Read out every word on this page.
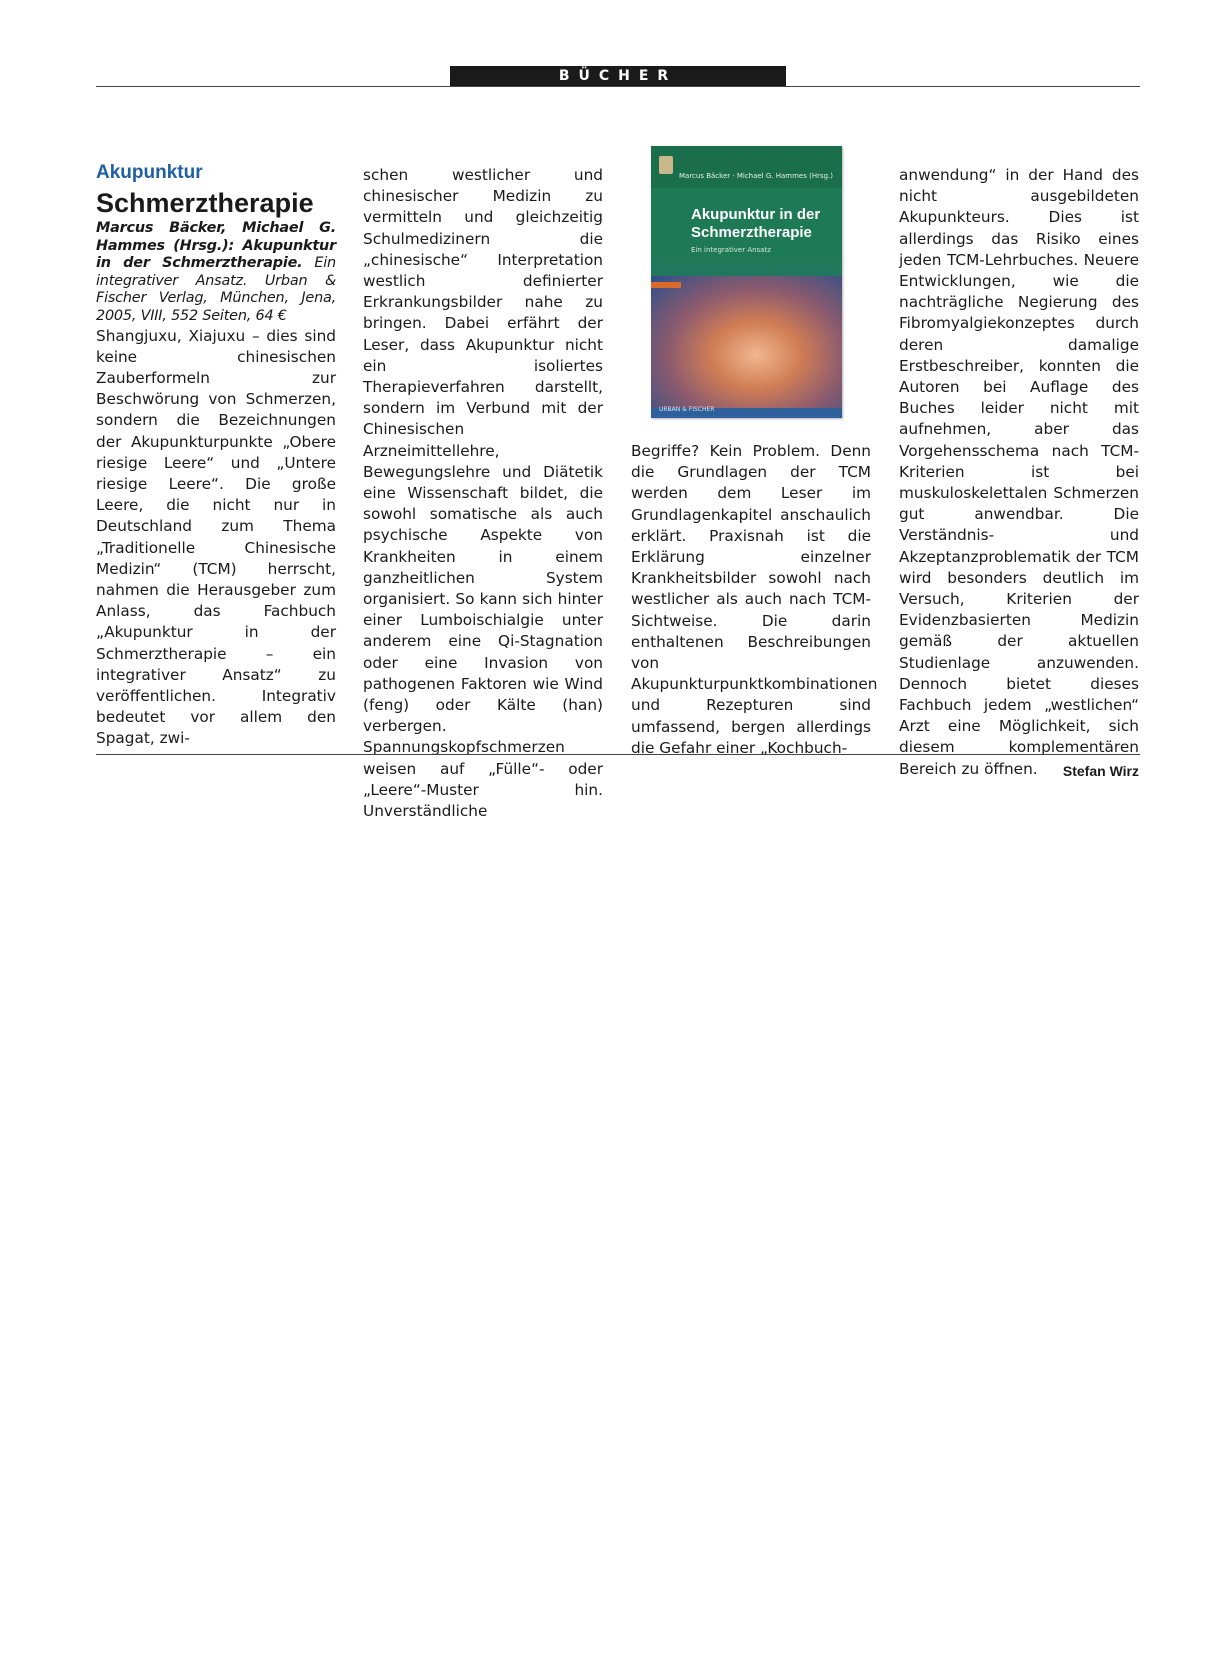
BÜCHER

Akupunktur

Schmerztherapie

Marcus Bäcker, Michael G. Hammes (Hrsg.): Akupunktur in der Schmerztherapie. Ein integrativer Ansatz. Urban & Fischer Verlag, München, Jena, 2005, VIII, 552 Seiten, 64 €

Shangjuxu, Xiajuxu – dies sind keine chinesischen Zauberformeln zur Beschwörung von Schmerzen, sondern die Bezeichnungen der Akupunkturpunkte „Obere riesige Leere“ und „Untere riesige Leere“. Die große Leere, die nicht nur in Deutschland zum Thema „Traditionelle Chinesische Medizin“ (TCM) herrscht, nahmen die Herausgeber zum Anlass, das Fachbuch „Akupunktur in der Schmerztherapie – ein integrativer Ansatz“ zu veröffentlichen. Integrativ bedeutet vor allem den Spagat, zwi-

schen westlicher und chinesischer Medizin zu vermitteln und gleichzeitig Schulmedizinern die „chinesische“ Interpretation westlich definierter Erkrankungsbilder nahe zu bringen. Dabei erfährt der Leser, dass Akupunktur nicht ein isoliertes Therapieverfahren darstellt, sondern im Verbund mit der Chinesischen Arzneimittellehre, Bewegungslehre und Diätetik eine Wissenschaft bildet, die sowohl somatische als auch psychische Aspekte von Krankheiten in einem ganzheitlichen System organisiert. So kann sich hinter einer Lumboischialgie unter anderem eine Qi-Stagnation oder eine Invasion von pathogenen Faktoren wie Wind (feng) oder Kälte (han) verbergen. Spannungskopfschmerzen weisen auf „Fülle“- oder „Leere“-Muster hin. Unverständliche

Marcus Bäcker · Michael G. Hammes (Hrsg.)
Akupunktur in der
Schmerztherapie
Ein integrativer Ansatz
URBAN & FISCHER

Begriffe? Kein Problem. Denn die Grundlagen der TCM werden dem Leser im Grundlagenkapitel anschaulich erklärt. Praxisnah ist die Erklärung einzelner Krankheitsbilder sowohl nach westlicher als auch nach TCM-Sichtweise. Die darin enthaltenen Beschreibungen von Akupunkturpunktkombinationen und Rezepturen sind umfassend, bergen allerdings die Gefahr einer „Kochbuch-

anwendung“ in der Hand des nicht ausgebildeten Akupunkteurs. Dies ist allerdings das Risiko eines jeden TCM-Lehrbuches. Neuere Entwicklungen, wie die nachträgliche Negierung des Fibromyalgiekonzeptes durch deren damalige Erstbeschreiber, konnten die Autoren bei Auflage des Buches leider nicht mit aufnehmen, aber das Vorgehensschema nach TCM-Kriterien ist bei muskuloskelettalen Schmerzen gut anwendbar. Die Verständnis- und Akzeptanzproblematik der TCM wird besonders deutlich im Versuch, Kriterien der Evidenzbasierten Medizin gemäß der aktuellen Studienlage anzuwenden. Dennoch bietet dieses Fachbuch jedem „westlichen“ Arzt eine Möglichkeit, sich diesem komplementären Bereich zu öffnen. Stefan Wirz
